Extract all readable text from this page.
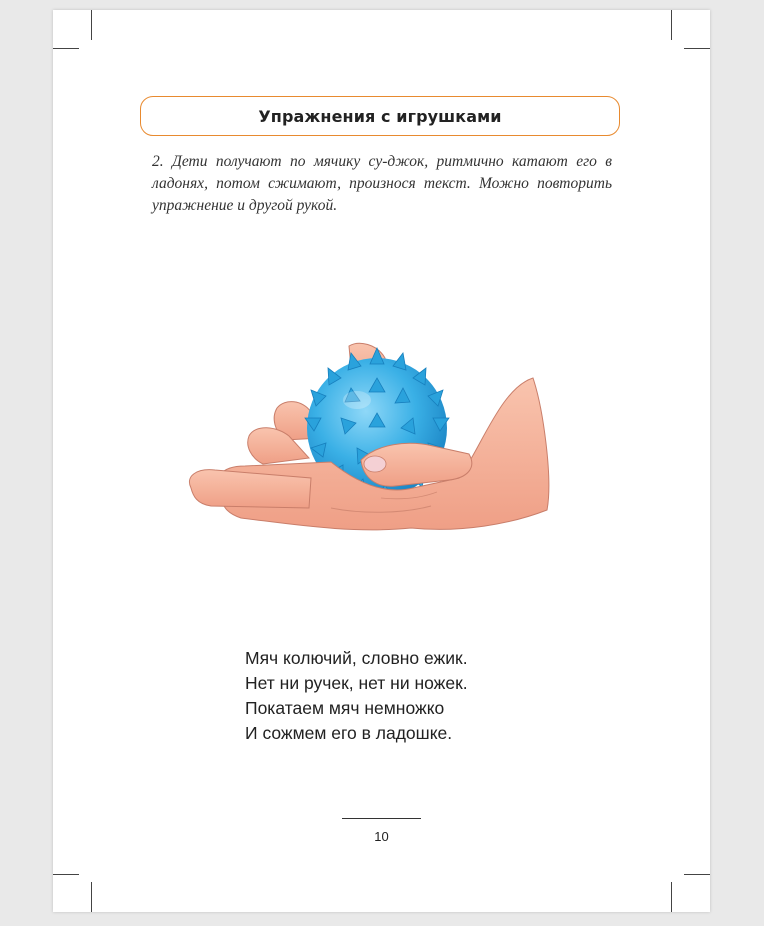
Упражнения с игрушками
2. Дети получают по мячику су-джок, ритмично катают его в ладонях, потом сжимают, произнося текст. Можно повторить упражнение и другой рукой.
Мяч колючий, словно ежик.
Нет ни ручек, нет ни ножек.
Покатаем мяч немножко
И сожмем его в ладошке.
10
